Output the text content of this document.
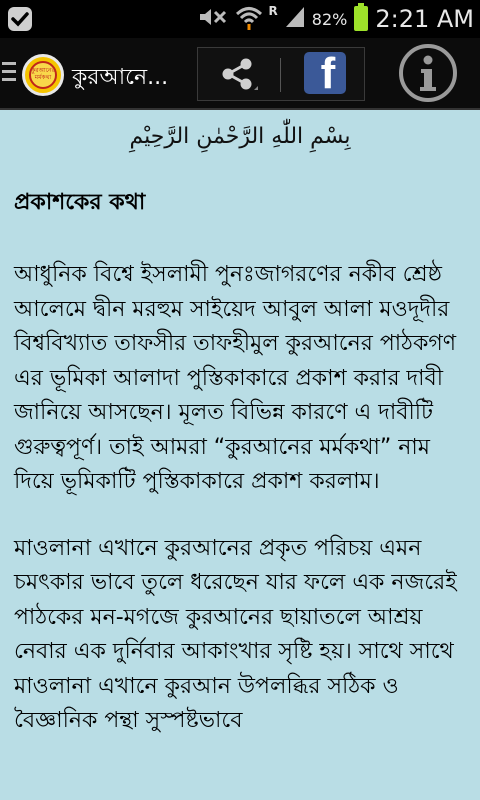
R 82% 2:21 AM
কুরআনের মর্মকথা কুরআনে...	f
بِسْمِ اللّٰهِ الرَّحْمٰنِ الرَّحِيْمِ
প্রকাশকের কথা

আধুনিক বিশ্বে ইসলামী পুনঃজাগরণের নকীব শ্রেষ্ঠ আলেমে দ্বীন মরহুম সাইয়েদ আবুল আলা মওদূদীর বিশ্ববিখ্যাত তাফসীর তাফহীমুল কুরআনের পাঠকগণ এর ভূমিকা আলাদা পুস্তিকাকারে প্রকাশ করার দাবী জানিয়ে আসছেন। মূলত বিভিন্ন কারণে এ দাবীটি গুরুত্বপূর্ণ। তাই আমরা “কুরআনের মর্মকথা” নাম দিয়ে ভূমিকাটি পুস্তিকাকারে প্রকাশ করলাম।

মাওলানা এখানে কুরআনের প্রকৃত পরিচয় এমন চমৎকার ভাবে তুলে ধরেছেন যার ফলে এক নজরেই পাঠকের মন-মগজে কুরআনের ছায়াতলে আশ্রয় নেবার এক দুর্নিবার আকাংখার সৃষ্টি হয়। সাথে সাথে মাওলানা এখানে কুরআন উপলব্ধির সঠিক ও বৈজ্ঞানিক পন্থা সুস্পষ্টভাবে
